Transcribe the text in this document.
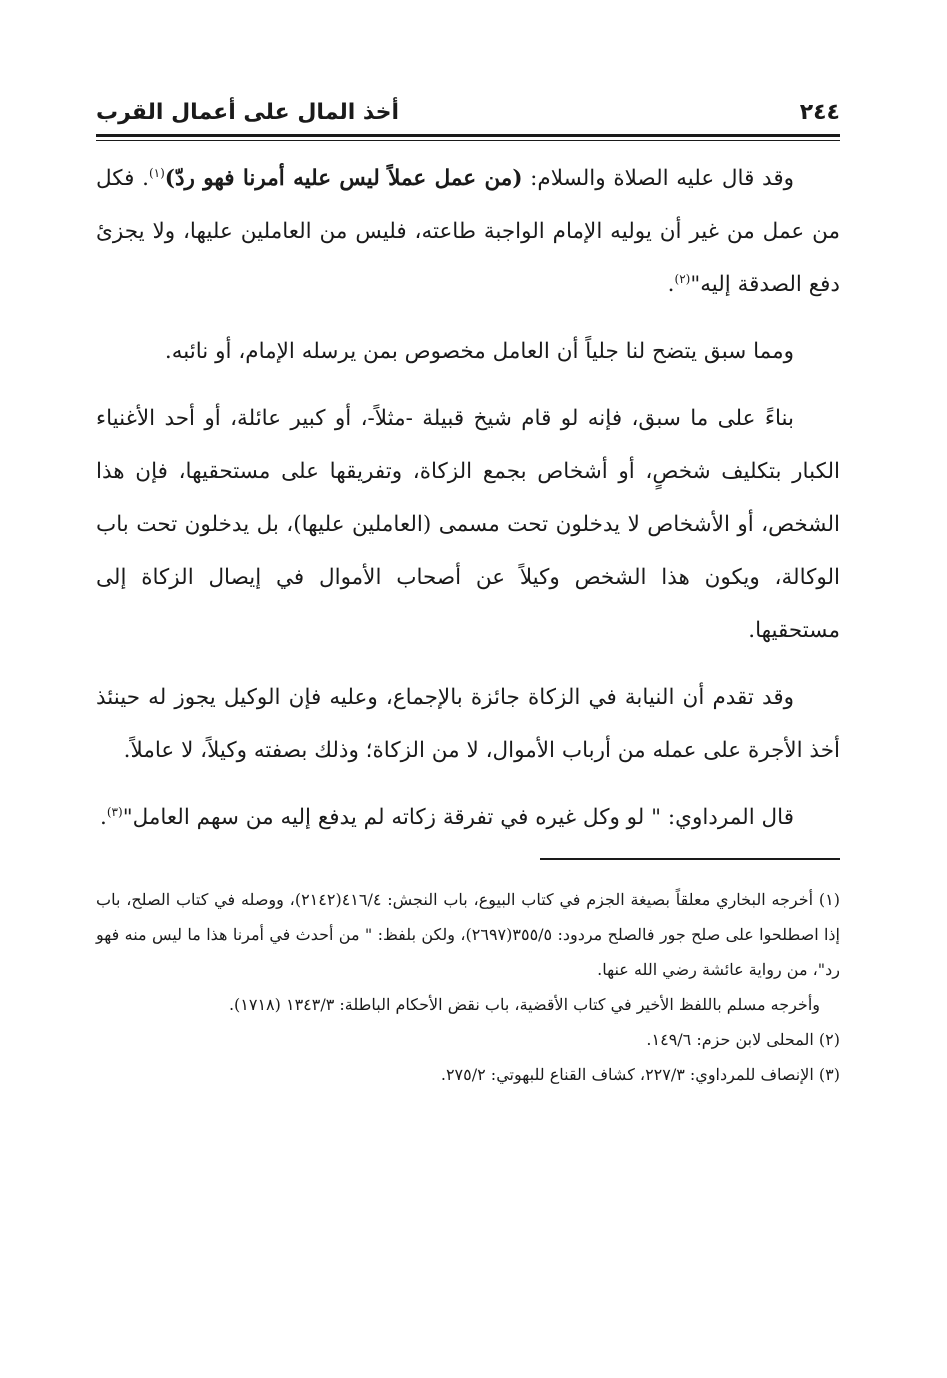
٢٤٤
أخذ المال على أعمال القرب

وقد قال عليه الصلاة والسلام: (من عمل عملاً ليس عليه أمرنا فهو ردّ)$^{(١)}$. فكل من عمل من غير أن يوليه الإمام الواجبة طاعته، فليس من العاملين عليها، ولا يجزئ دفع الصدقة إليه"$^{(٢)}$.

ومما سبق يتضح لنا جلياً أن العامل مخصوص بمن يرسله الإمام، أو نائبه.

بناءً على ما سبق، فإنه لو قام شيخ قبيلة -مثلاً-، أو كبير عائلة، أو أحد الأغنياء الكبار بتكليف شخصٍ، أو أشخاص بجمع الزكاة، وتفريقها على مستحقيها، فإن هذا الشخص، أو الأشخاص لا يدخلون تحت مسمى (العاملين عليها)، بل يدخلون تحت باب الوكالة، ويكون هذا الشخص وكيلاً عن أصحاب الأموال في إيصال الزكاة إلى مستحقيها.

وقد تقدم أن النيابة في الزكاة جائزة بالإجماع، وعليه فإن الوكيل يجوز له حينئذ أخذ الأجرة على عمله من أرباب الأموال، لا من الزكاة؛ وذلك بصفته وكيلاً، لا عاملاً.

قال المرداوي: " لو وكل غيره في تفرقة زكاته لم يدفع إليه من سهم العامل"$^{(٣)}$.

(١) أخرجه البخاري معلقاً بصيغة الجزم في كتاب البيوع، باب النجش: ٤١٦/٤(٢١٤٢)، ووصله في كتاب الصلح، باب إذا اصطلحوا على صلح جور فالصلح مردود: ٣٥٥/٥(٢٦٩٧)، ولكن بلفظ: " من أحدث في أمرنا هذا ما ليس منه فهو رد"، من رواية عائشة رضي الله عنها.

وأخرجه مسلم باللفظ الأخير في كتاب الأقضية، باب نقض الأحكام الباطلة: ١٣٤٣/٣ (١٧١٨).

(٢) المحلى لابن حزم: ١٤٩/٦.

(٣) الإنصاف للمرداوي: ٢٢٧/٣، كشاف القناع للبهوتي: ٢٧٥/٢.
